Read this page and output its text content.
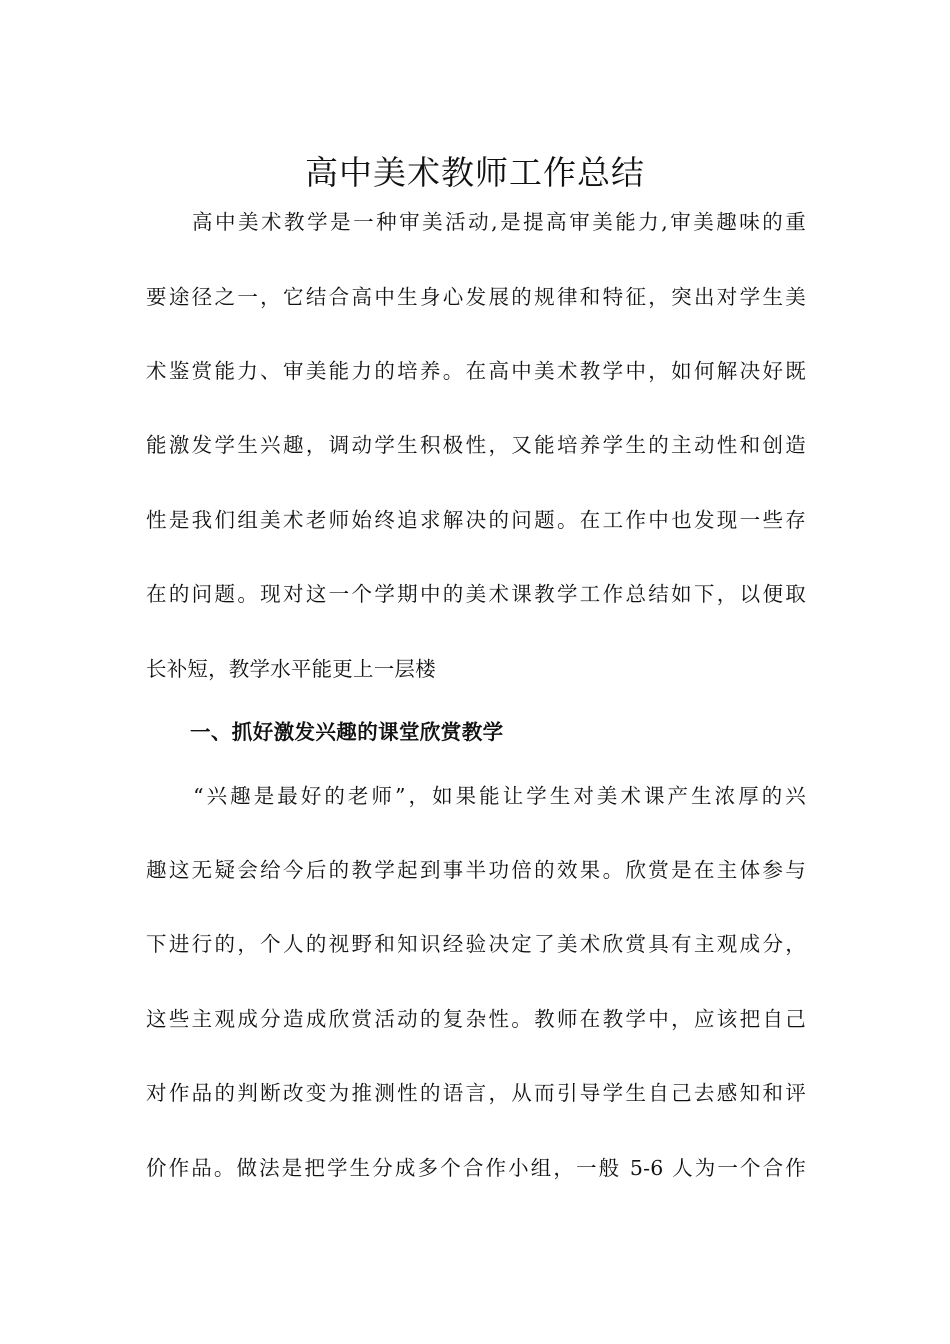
高中美术教师工作总结
　　高中美术教学是一种审美活动,是提高审美能力,审美趣味的重
要途径之一，它结合高中生身心发展的规律和特征，突出对学生美
术鉴赏能力、审美能力的培养。在高中美术教学中，如何解决好既
能激发学生兴趣，调动学生积极性，又能培养学生的主动性和创造
性是我们组美术老师始终追求解决的问题。在工作中也发现一些存
在的问题。现对这一个学期中的美术课教学工作总结如下，以便取
长补短，教学水平能更上一层楼
一、抓好激发兴趣的课堂欣赏教学
　　“兴趣是最好的老师”，如果能让学生对美术课产生浓厚的兴
趣这无疑会给今后的教学起到事半功倍的效果。欣赏是在主体参与
下进行的，个人的视野和知识经验决定了美术欣赏具有主观成分，
这些主观成分造成欣赏活动的复杂性。教师在教学中，应该把自己
对作品的判断改变为推测性的语言，从而引导学生自己去感知和评
价作品。做法是把学生分成多个合作小组，一般 5-6 人为一个合作
